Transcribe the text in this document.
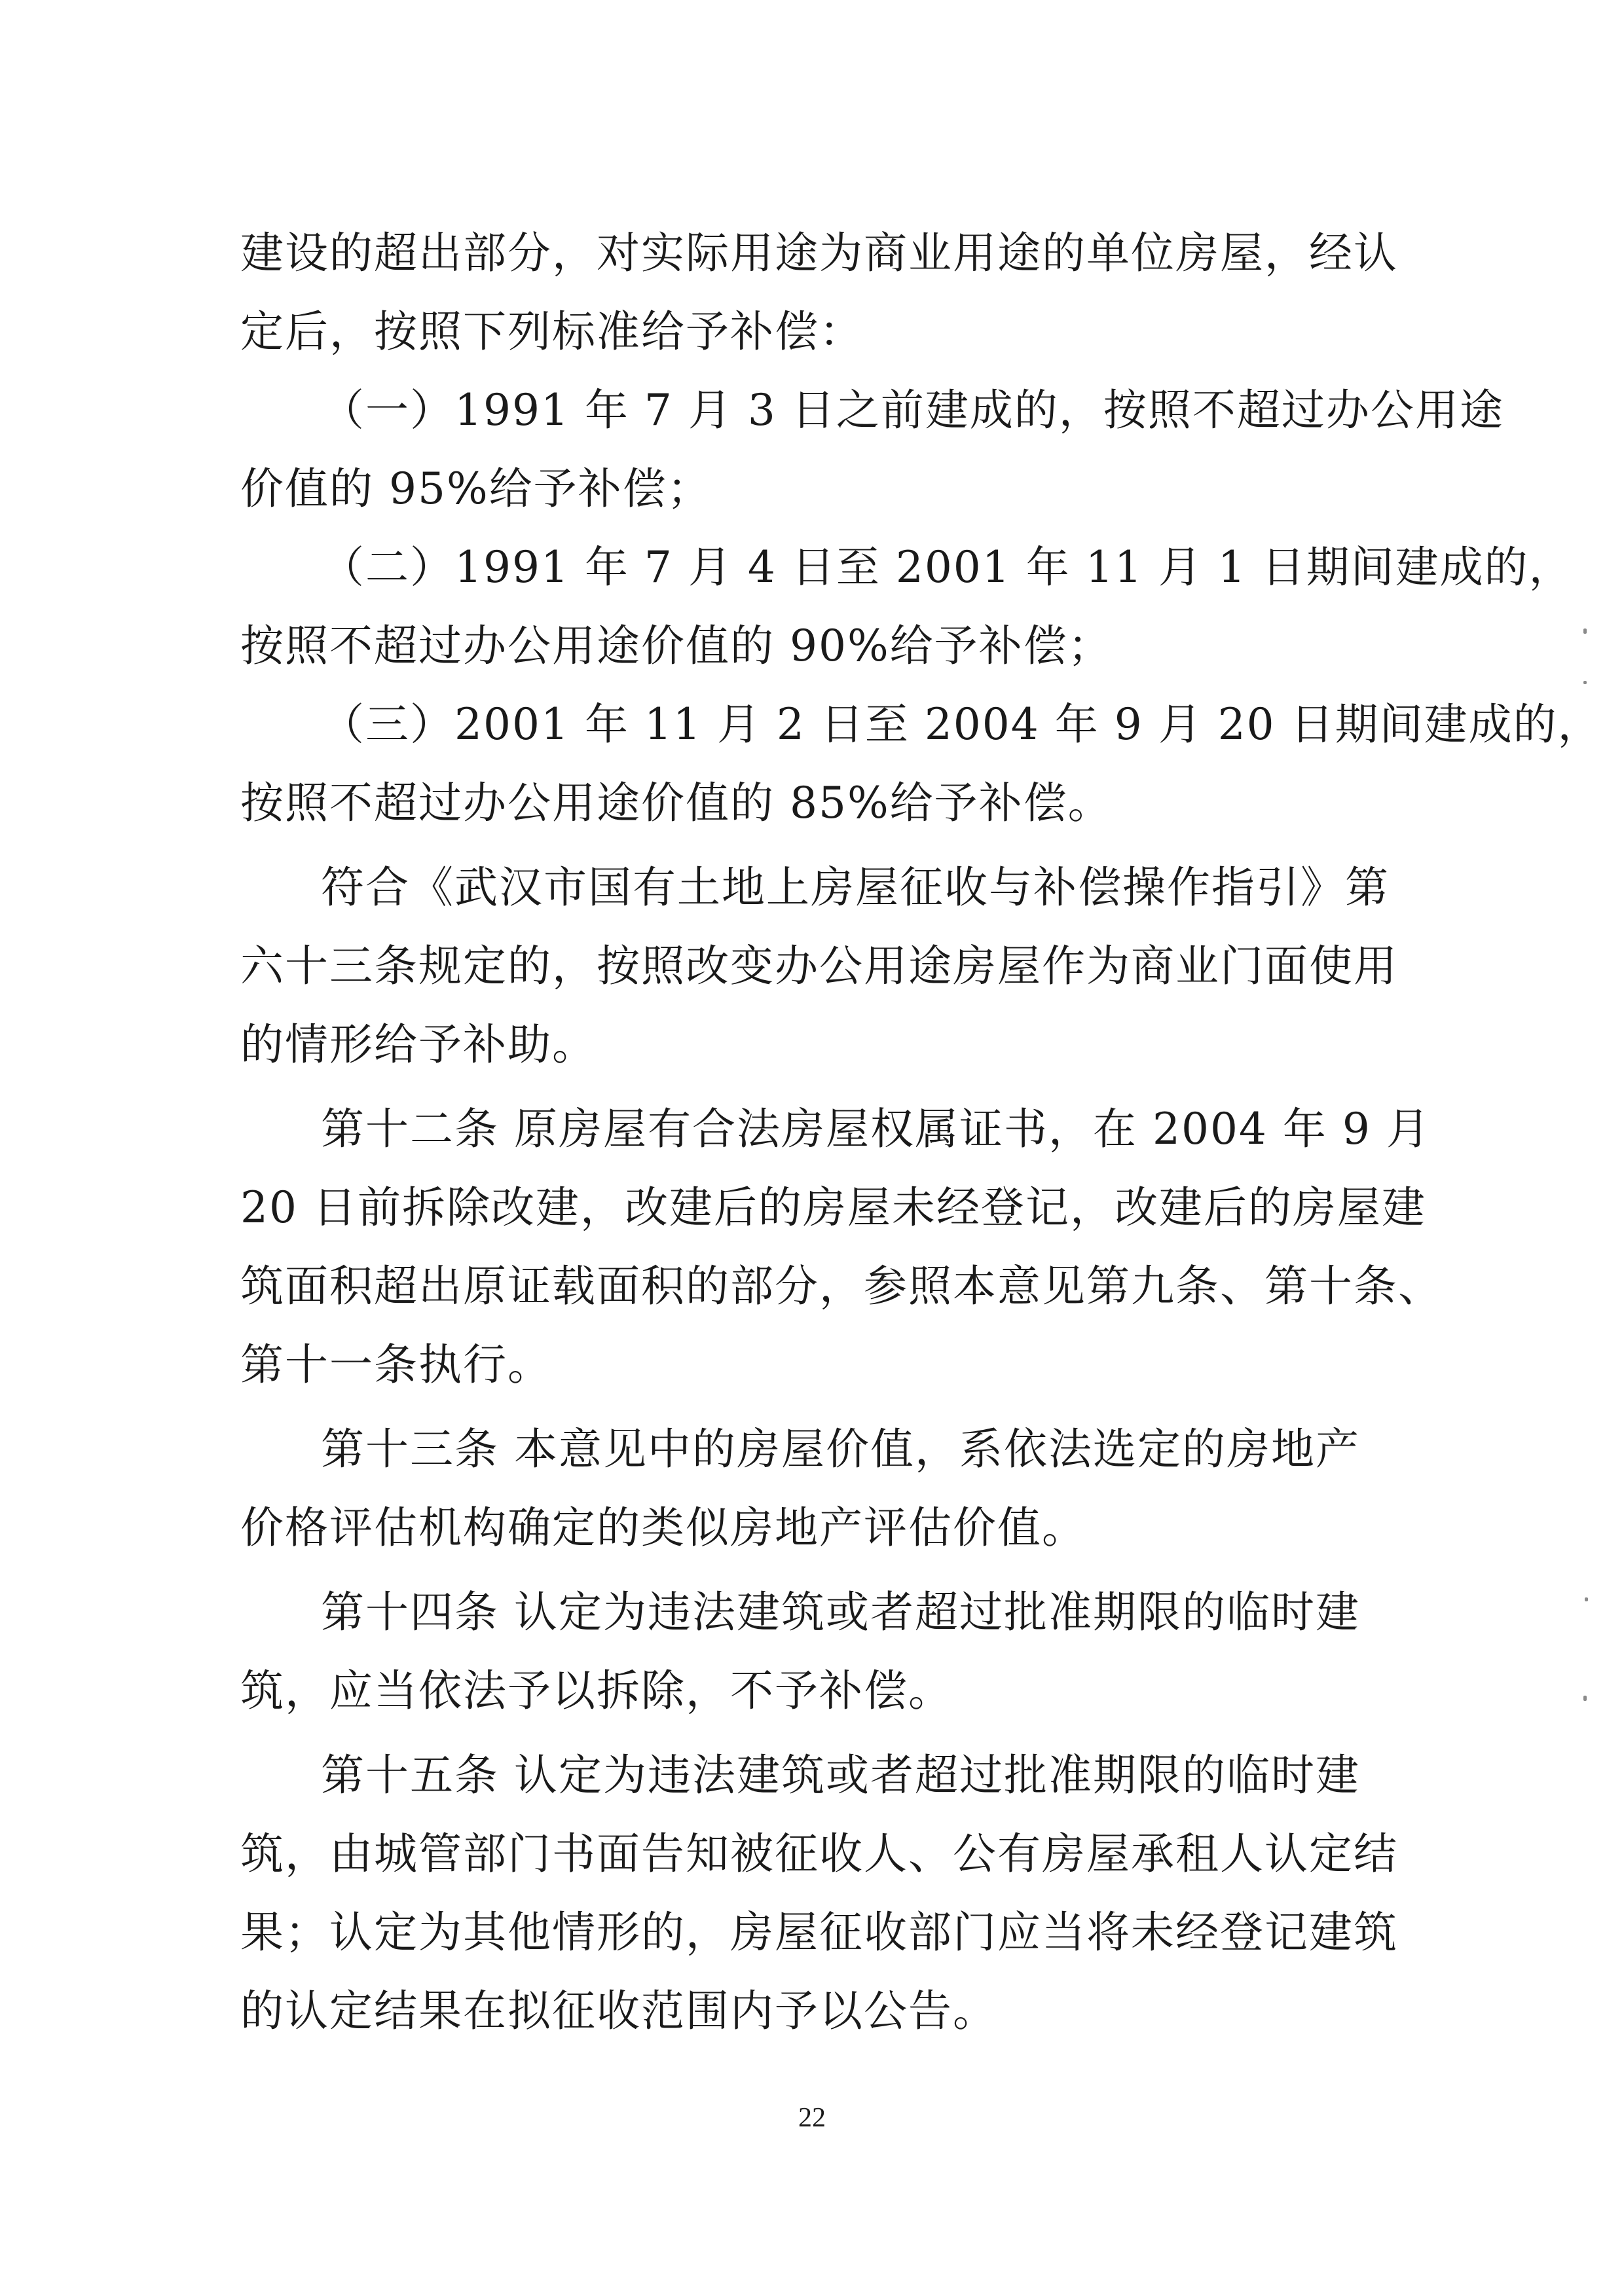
建设的超出部分，对实际用途为商业用途的单位房屋，经认
定后，按照下列标准给予补偿：
（一）1991 年 7 月 3 日之前建成的，按照不超过办公用途
价值的 95%给予补偿；
（二）1991 年 7 月 4 日至 2001 年 11 月 1 日期间建成的，
按照不超过办公用途价值的 90%给予补偿；
（三）2001 年 11 月 2 日至 2004 年 9 月 20 日期间建成的，
按照不超过办公用途价值的 85%给予补偿。
符合《武汉市国有土地上房屋征收与补偿操作指引》第
六十三条规定的，按照改变办公用途房屋作为商业门面使用
的情形给予补助。
第十二条 原房屋有合法房屋权属证书，在 2004 年 9 月
20 日前拆除改建，改建后的房屋未经登记，改建后的房屋建
筑面积超出原证载面积的部分，参照本意见第九条、第十条、
第十一条执行。
第十三条 本意见中的房屋价值，系依法选定的房地产
价格评估机构确定的类似房地产评估价值。
第十四条 认定为违法建筑或者超过批准期限的临时建
筑，应当依法予以拆除，不予补偿。
第十五条 认定为违法建筑或者超过批准期限的临时建
筑，由城管部门书面告知被征收人、公有房屋承租人认定结
果；认定为其他情形的，房屋征收部门应当将未经登记建筑
的认定结果在拟征收范围内予以公告。
22
